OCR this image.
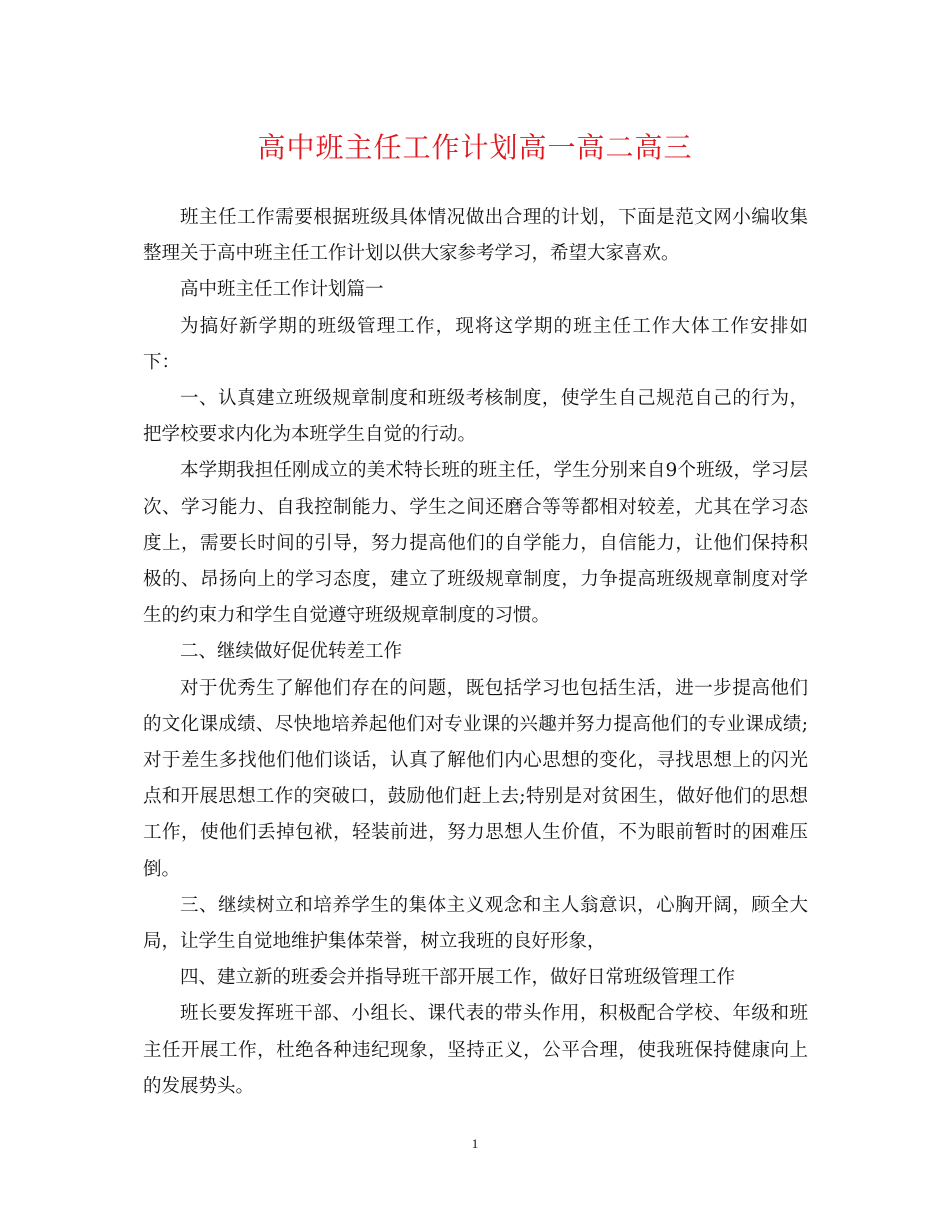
高中班主任工作计划高一高二高三

班主任工作需要根据班级具体情况做出合理的计划，下面是范文网小编收集整理关于高中班主任工作计划以供大家参考学习，希望大家喜欢。

高中班主任工作计划篇一

为搞好新学期的班级管理工作，现将这学期的班主任工作大体工作安排如下：

一、认真建立班级规章制度和班级考核制度，使学生自己规范自己的行为，把学校要求内化为本班学生自觉的行动。

本学期我担任刚成立的美术特长班的班主任，学生分别来自9个班级，学习层次、学习能力、自我控制能力、学生之间还磨合等等都相对较差，尤其在学习态度上，需要长时间的引导，努力提高他们的自学能力，自信能力，让他们保持积极的、昂扬向上的学习态度，建立了班级规章制度，力争提高班级规章制度对学生的约束力和学生自觉遵守班级规章制度的习惯。

二、继续做好促优转差工作

对于优秀生了解他们存在的问题，既包括学习也包括生活，进一步提高他们的文化课成绩、尽快地培养起他们对专业课的兴趣并努力提高他们的专业课成绩;对于差生多找他们他们谈话，认真了解他们内心思想的变化，寻找思想上的闪光点和开展思想工作的突破口，鼓励他们赶上去;特别是对贫困生，做好他们的思想工作，使他们丢掉包袱，轻装前进，努力思想人生价值，不为眼前暂时的困难压倒。

三、继续树立和培养学生的集体主义观念和主人翁意识，心胸开阔，顾全大局，让学生自觉地维护集体荣誉，树立我班的良好形象，

四、建立新的班委会并指导班干部开展工作，做好日常班级管理工作

班长要发挥班干部、小组长、课代表的带头作用，积极配合学校、年级和班主任开展工作，杜绝各种违纪现象，坚持正义，公平合理，使我班保持健康向上的发展势头。

1
